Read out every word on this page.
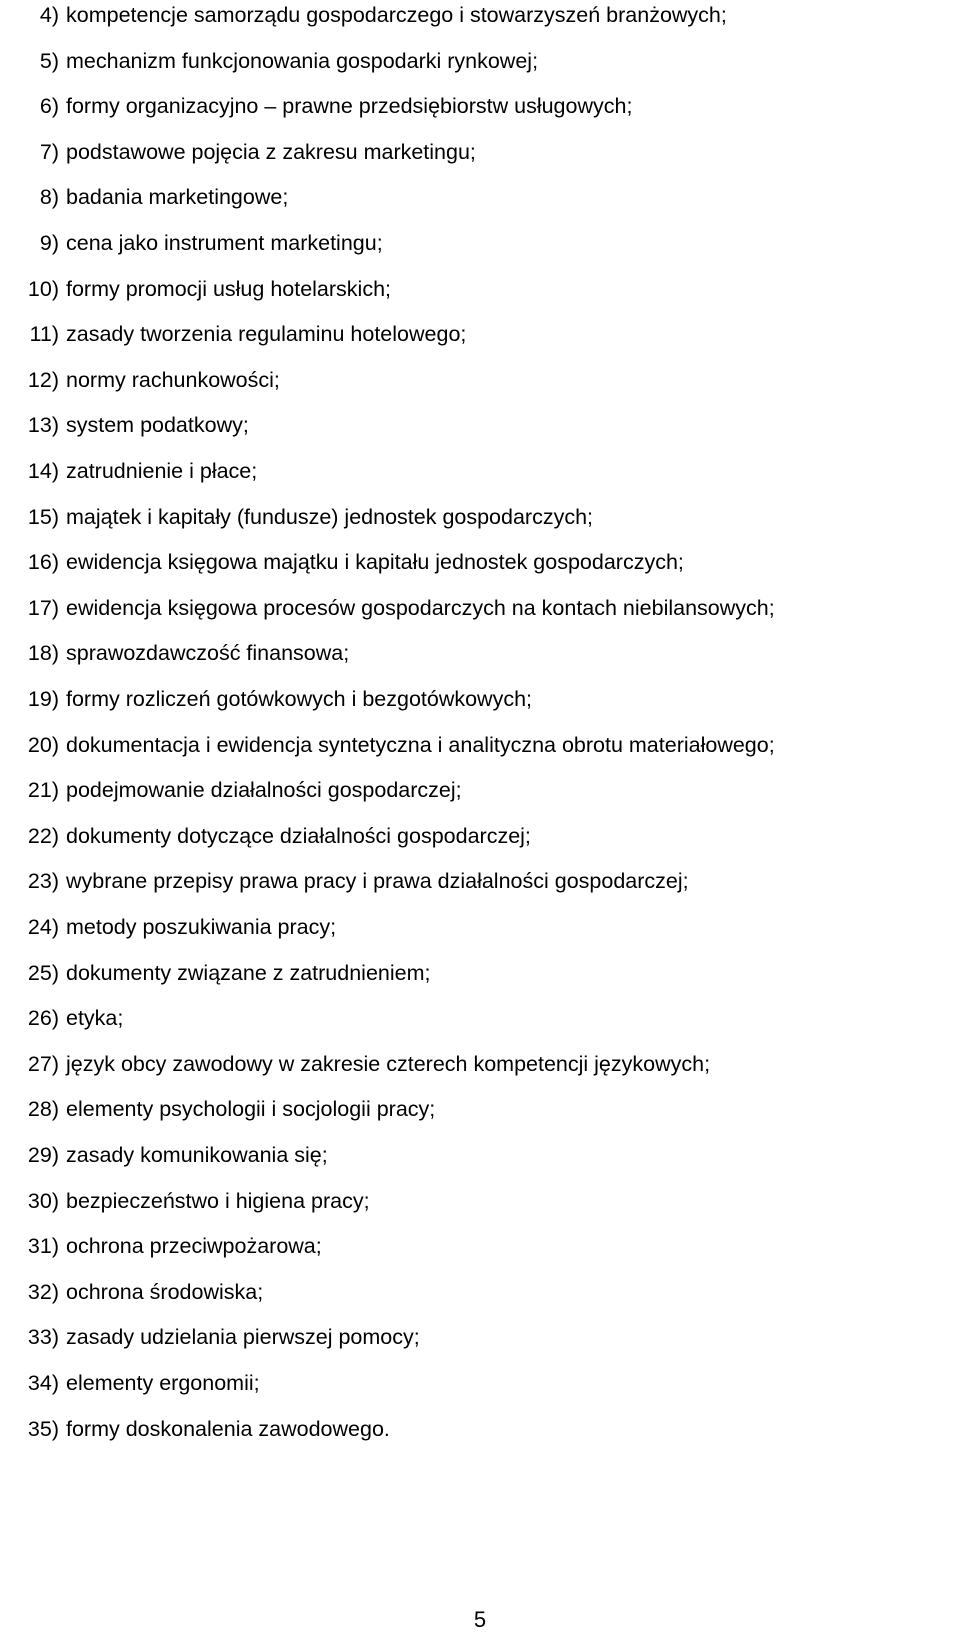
4) kompetencje samorządu gospodarczego i stowarzyszeń branżowych;
5) mechanizm funkcjonowania gospodarki rynkowej;
6) formy organizacyjno – prawne przedsiębiorstw usługowych;
7) podstawowe pojęcia z zakresu marketingu;
8) badania marketingowe;
9) cena jako instrument marketingu;
10) formy promocji usług hotelarskich;
11) zasady tworzenia regulaminu hotelowego;
12) normy rachunkowości;
13) system podatkowy;
14) zatrudnienie i płace;
15) majątek i kapitały (fundusze) jednostek gospodarczych;
16) ewidencja księgowa majątku i kapitału jednostek gospodarczych;
17) ewidencja księgowa procesów gospodarczych na kontach niebilansowych;
18) sprawozdawczość finansowa;
19) formy rozliczeń gotówkowych i bezgotówkowych;
20) dokumentacja i ewidencja syntetyczna i analityczna obrotu materiałowego;
21) podejmowanie działalności gospodarczej;
22) dokumenty dotyczące działalności gospodarczej;
23) wybrane przepisy prawa pracy i prawa działalności gospodarczej;
24) metody poszukiwania pracy;
25) dokumenty związane z zatrudnieniem;
26) etyka;
27) język obcy zawodowy w zakresie czterech kompetencji językowych;
28) elementy psychologii i socjologii pracy;
29) zasady komunikowania się;
30) bezpieczeństwo i higiena pracy;
31) ochrona przeciwpożarowa;
32) ochrona środowiska;
33) zasady udzielania pierwszej pomocy;
34) elementy ergonomii;
35) formy doskonalenia zawodowego.
5
